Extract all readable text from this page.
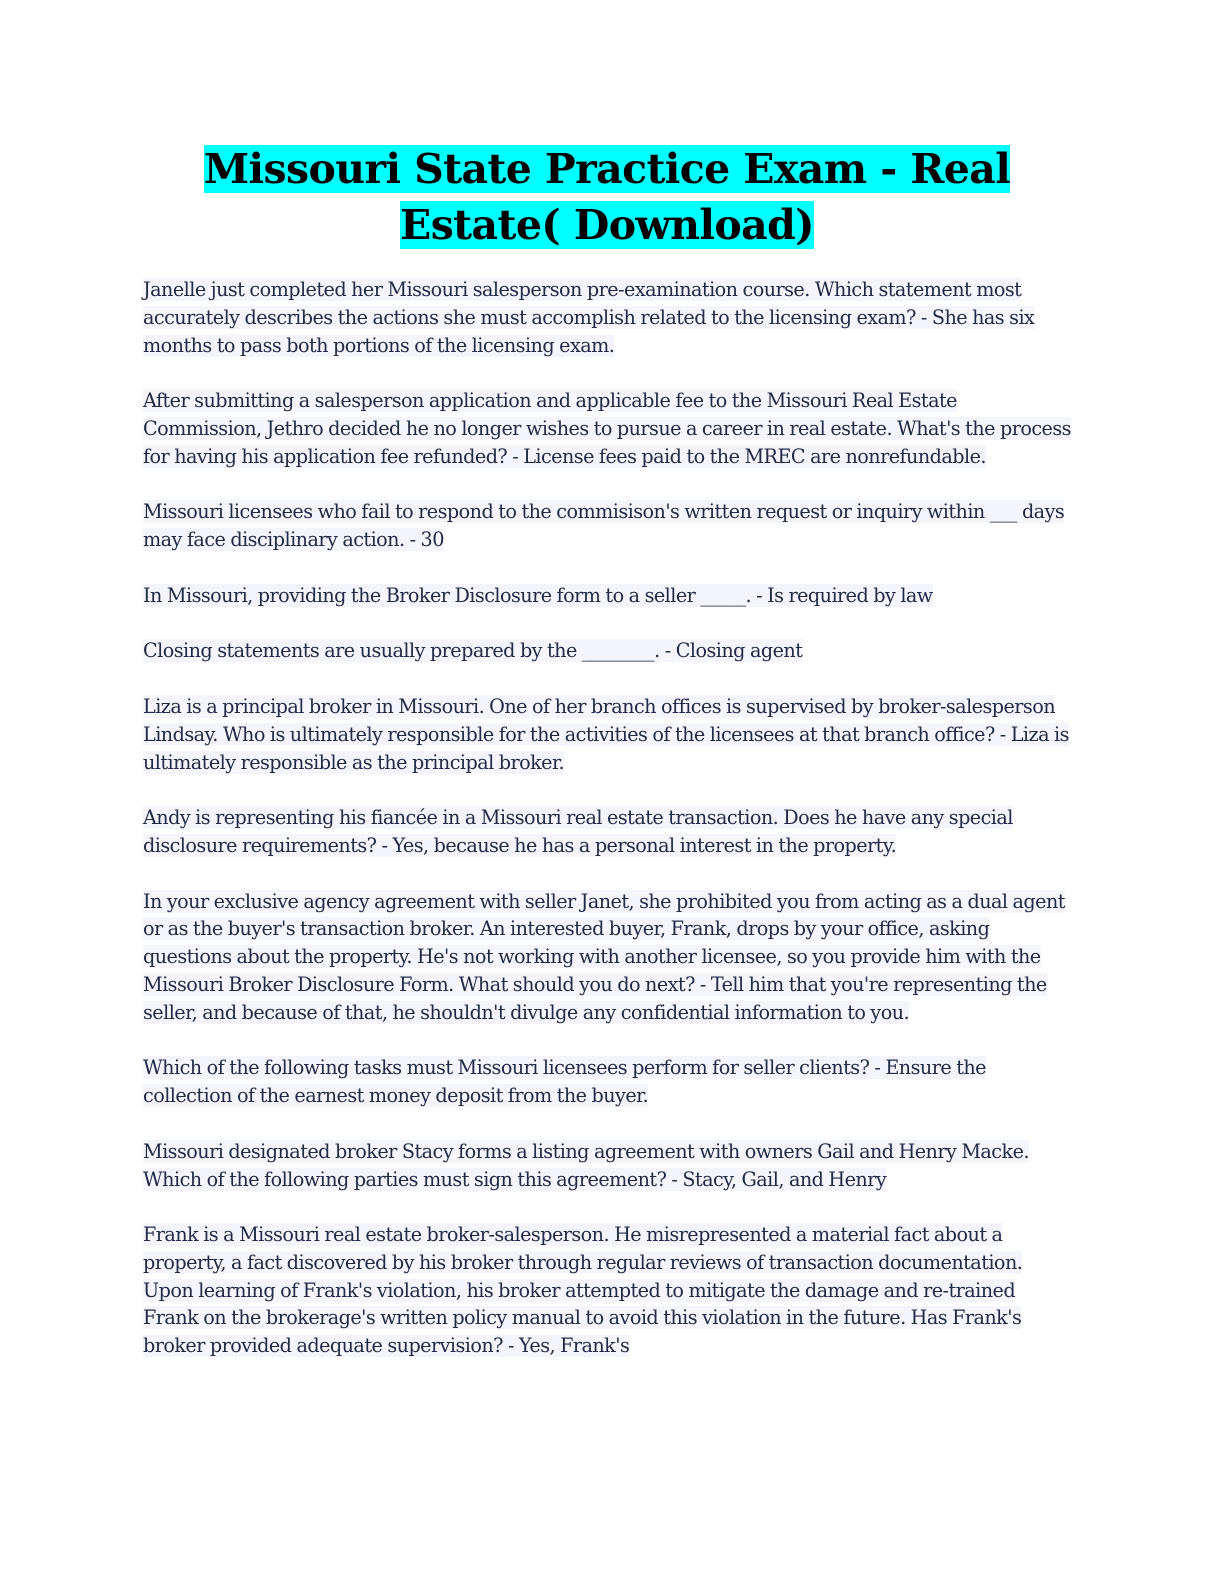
Missouri State Practice Exam - Real Estate( Download)

Janelle just completed her Missouri salesperson pre-examination course. Which statement most accurately describes the actions she must accomplish related to the licensing exam? - She has six months to pass both portions of the licensing exam.

After submitting a salesperson application and applicable fee to the Missouri Real Estate Commission, Jethro decided he no longer wishes to pursue a career in real estate. What's the process for having his application fee refunded? - License fees paid to the MREC are nonrefundable.

Missouri licensees who fail to respond to the commisison's written request or inquiry within ___ days may face disciplinary action. - 30

In Missouri, providing the Broker Disclosure form to a seller _____. - Is required by law

Closing statements are usually prepared by the ________. - Closing agent

Liza is a principal broker in Missouri. One of her branch offices is supervised by broker-salesperson Lindsay. Who is ultimately responsible for the activities of the licensees at that branch office? - Liza is ultimately responsible as the principal broker.

Andy is representing his fiancée in a Missouri real estate transaction. Does he have any special disclosure requirements? - Yes, because he has a personal interest in the property.

In your exclusive agency agreement with seller Janet, she prohibited you from acting as a dual agent or as the buyer's transaction broker. An interested buyer, Frank, drops by your office, asking questions about the property. He's not working with another licensee, so you provide him with the Missouri Broker Disclosure Form. What should you do next? - Tell him that you're representing the seller, and because of that, he shouldn't divulge any confidential information to you.

Which of the following tasks must Missouri licensees perform for seller clients? - Ensure the collection of the earnest money deposit from the buyer.

Missouri designated broker Stacy forms a listing agreement with owners Gail and Henry Macke. Which of the following parties must sign this agreement? - Stacy, Gail, and Henry

Frank is a Missouri real estate broker-salesperson. He misrepresented a material fact about a property, a fact discovered by his broker through regular reviews of transaction documentation. Upon learning of Frank's violation, his broker attempted to mitigate the damage and re-trained Frank on the brokerage's written policy manual to avoid this violation in the future. Has Frank's broker provided adequate supervision? - Yes, Frank's
